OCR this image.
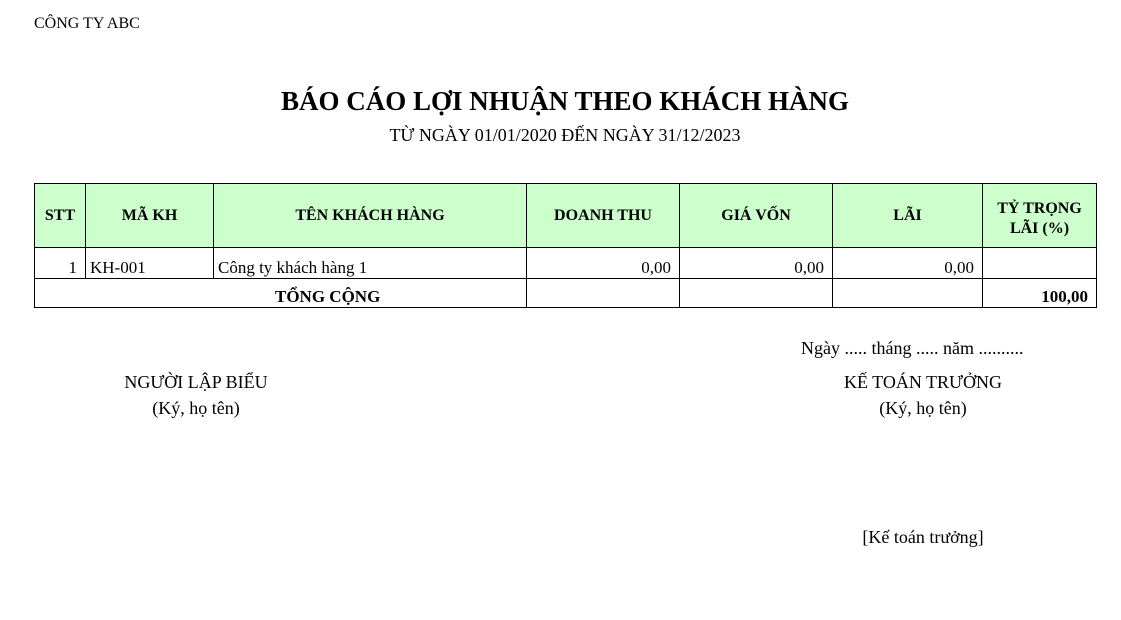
CÔNG TY ABC
BÁO CÁO LỢI NHUẬN THEO KHÁCH HÀNG
TỪ NGÀY 01/01/2020 ĐẾN NGÀY 31/12/2023
STT	MÃ KH	TÊN KHÁCH HÀNG	DOANH THU	GIÁ VỐN	LÃI	TỶ TRỌNG
LÃI (%)

1	KH-001	Công ty khách hàng 1	0,00	0,00	0,00	
TỔNG CỘNG						100,00
Ngày ..... tháng ..... năm ..........
NGƯỜI LẬP BIỂU
(Ký, họ tên)
KẾ TOÁN TRƯỞNG
(Ký, họ tên)
[Kế toán trưởng]
